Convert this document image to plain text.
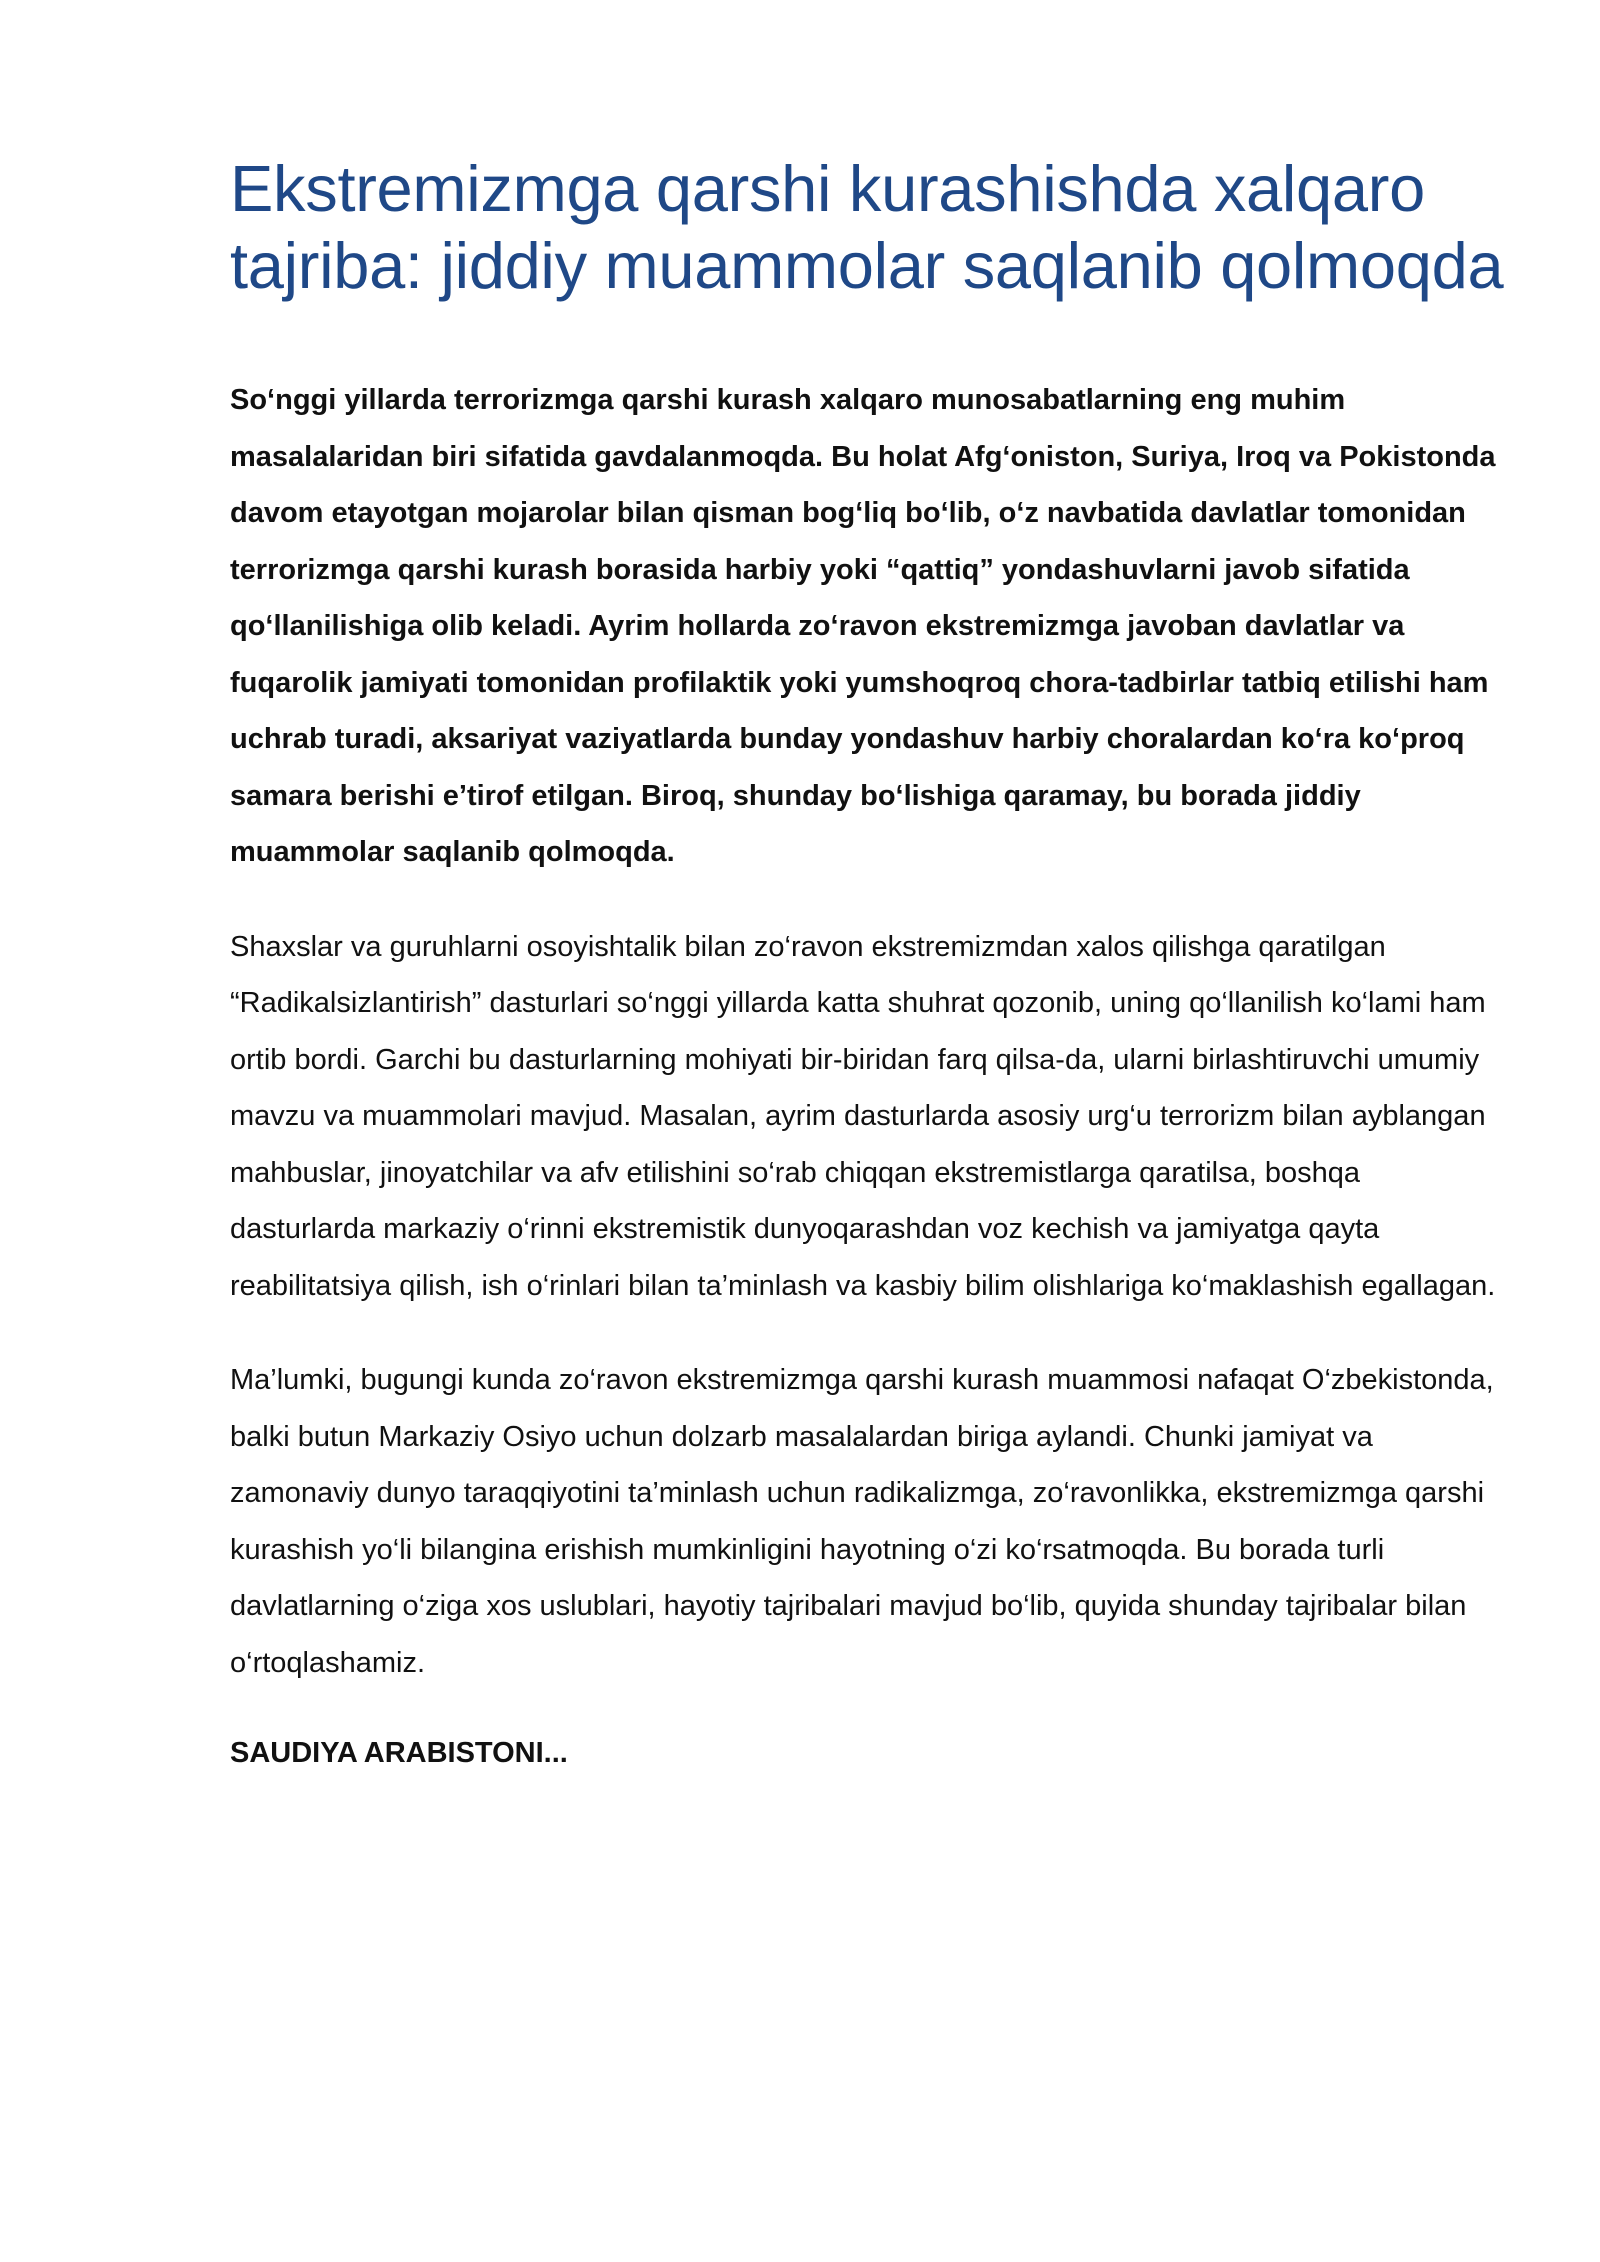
Ekstremizmga qarshi kurashishda xalqaro tajriba: jiddiy muammolar saqlanib qolmoqda

So‘nggi yillarda terrorizmga qarshi kurash xalqaro munosabatlarning eng muhim masalalaridan biri sifatida gavdalanmoqda. Bu holat Afg‘oniston, Suriya, Iroq va Pokistonda davom etayotgan mojarolar bilan qisman bog‘liq bo‘lib, o‘z navbatida davlatlar tomonidan terrorizmga qarshi kurash borasida harbiy yoki “qattiq” yondashuvlarni javob sifatida qo‘llanilishiga olib keladi. Ayrim hollarda zo‘ravon ekstremizmga javoban davlatlar va fuqarolik jamiyati tomonidan profilaktik yoki yumshoqroq chora-tadbirlar tatbiq etilishi ham uchrab turadi, aksariyat vaziyatlarda bunday yondashuv harbiy choralardan ko‘ra ko‘proq samara berishi e’tirof etilgan. Biroq, shunday bo‘lishiga qaramay, bu borada jiddiy muammolar saqlanib qolmoqda.

Shaxslar va guruhlarni osoyishtalik bilan zo‘ravon ekstremizmdan xalos qilishga qaratilgan “Radikalsizlantirish” dasturlari so‘nggi yillarda katta shuhrat qozonib, uning qo‘llanilish ko‘lami ham ortib bordi. Garchi bu dasturlarning mohiyati bir-biridan farq qilsa-da, ularni birlashtiruvchi umumiy mavzu va muammolari mavjud. Masalan, ayrim dasturlarda asosiy urg‘u terrorizm bilan ayblangan mahbuslar, jinoyatchilar va afv etilishini so‘rab chiqqan ekstremistlarga qaratilsa, boshqa dasturlarda markaziy o‘rinni ekstremistik dunyoqarashdan voz kechish va jamiyatga qayta reabilitatsiya qilish, ish o‘rinlari bilan ta’minlash va kasbiy bilim olishlariga ko‘maklashish egallagan.

Ma’lumki, bugungi kunda zo‘ravon ekstremizmga qarshi kurash muammosi nafaqat O‘zbekistonda, balki butun Markaziy Osiyo uchun dolzarb masalalardan biriga aylandi. Chunki jamiyat va zamonaviy dunyo taraqqiyotini ta’minlash uchun radikalizmga, zo‘ravonlikka, ekstremizmga qarshi kurashish yo‘li bilangina erishish mumkinligini hayotning o‘zi ko‘rsatmoqda. Bu borada turli davlatlarning o‘ziga xos uslublari, hayotiy tajribalari mavjud bo‘lib, quyida shunday tajribalar bilan o‘rtoqlashamiz.

SAUDIYA ARABISTONI...
